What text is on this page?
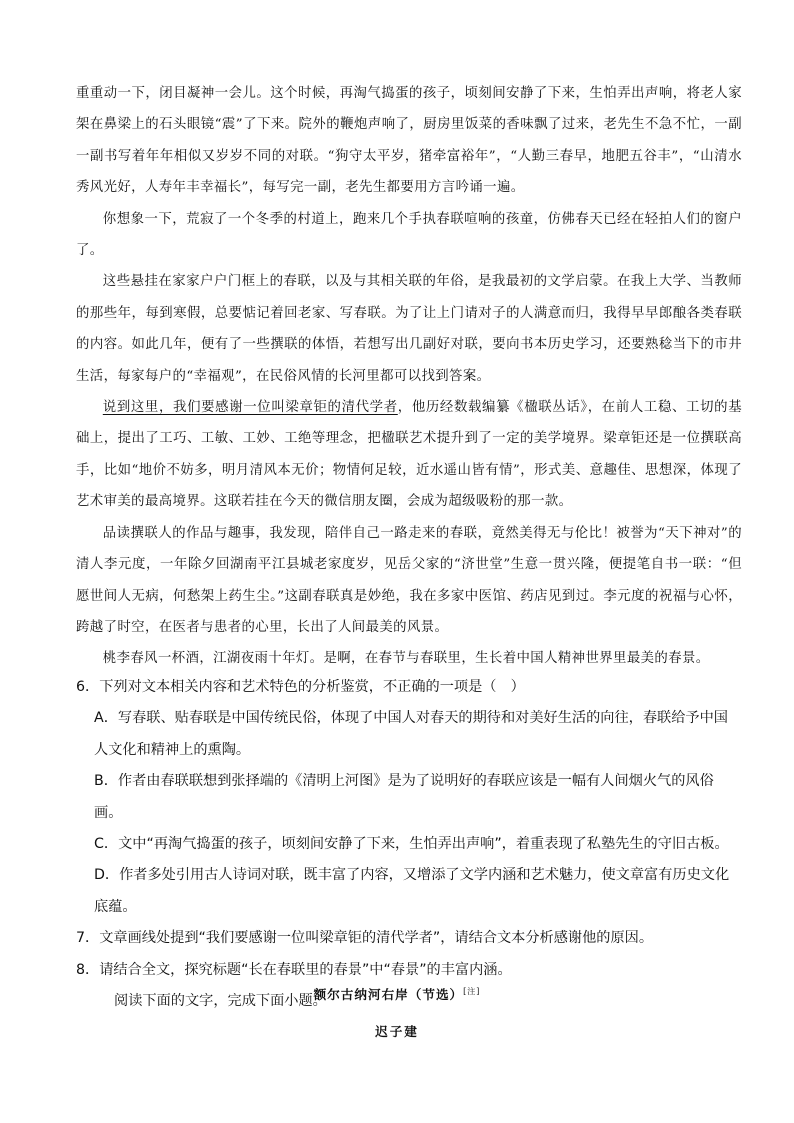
重重动一下，闭目凝神一会儿。这个时候，再淘气捣蛋的孩子，顷刻间安静了下来，生怕弄出声响，将老人家架在鼻梁上的石头眼镜“震”了下来。院外的鞭炮声响了，厨房里饭菜的香味飘了过来，老先生不急不忙，一副一副书写着年年相似又岁岁不同的对联。“狗守太平岁，猪牵富裕年”，“人勤三春早，地肥五谷丰”，“山清水秀风光好，人寿年丰幸福长”，每写完一副，老先生都要用方言吟诵一遍。

你想象一下，荒寂了一个冬季的村道上，跑来几个手执春联喧响的孩童，仿佛春天已经在轻拍人们的窗户了。

这些悬挂在家家户户门框上的春联，以及与其相关联的年俗，是我最初的文学启蒙。在我上大学、当教师的那些年，每到寒假，总要惦记着回老家、写春联。为了让上门请对子的人满意而归，我得早早郎酿各类春联的内容。如此几年，便有了一些撰联的体悟，若想写出几副好对联，要向书本历史学习，还要熟稔当下的市井生活，每家每户的“幸福观”，在民俗风情的长河里都可以找到答案。

说到这里，我们要感谢一位叫梁章钜的清代学者，他历经数载编纂《楹联丛话》，在前人工稳、工切的基础上，提出了工巧、工敏、工妙、工绝等理念，把楹联艺术提升到了一定的美学境界。梁章钜还是一位撰联高手，比如“地价不妨多，明月清风本无价；物情何足较，近水遥山皆有情”，形式美、意趣佳、思想深，体现了艺术审美的最高境界。这联若挂在今天的微信朋友圈，会成为超级吸粉的那一款。

品读撰联人的作品与趣事，我发现，陪伴自己一路走来的春联，竟然美得无与伦比！被誉为“天下神对”的清人李元度，一年除夕回湖南平江县城老家度岁，见岳父家的“济世堂”生意一贯兴隆，便提笔自书一联：“但愿世间人无病，何愁架上药生尘。”这副春联真是妙绝，我在多家中医馆、药店见到过。李元度的祝福与心怀，跨越了时空，在医者与患者的心里，长出了人间最美的风景。

桃李春风一杯酒，江湖夜雨十年灯。是啊，在春节与春联里，生长着中国人精神世界里最美的春景。

6．下列对文本相关内容和艺术特色的分析鉴赏，不正确的一项是（　）

A．写春联、贴春联是中国传统民俗，体现了中国人对春天的期待和对美好生活的向往，春联给予中国人文化和精神上的熏陶。

B．作者由春联联想到张择端的《清明上河图》是为了说明好的春联应该是一幅有人间烟火气的风俗画。

C．文中“再淘气捣蛋的孩子，顷刻间安静了下来，生怕弄出声响”，着重表现了私塾先生的守旧古板。

D．作者多处引用古人诗词对联，既丰富了内容，又增添了文学内涵和艺术魅力，使文章富有历史文化底蕴。

7．文章画线处提到“我们要感谢一位叫梁章钜的清代学者”，请结合文本分析感谢他的原因。

8．请结合全文，探究标题“长在春联里的春景”中“春景”的丰富内涵。

阅读下面的文字，完成下面小题。

额尔古纳河右岸（节选）[注]
迟子建
